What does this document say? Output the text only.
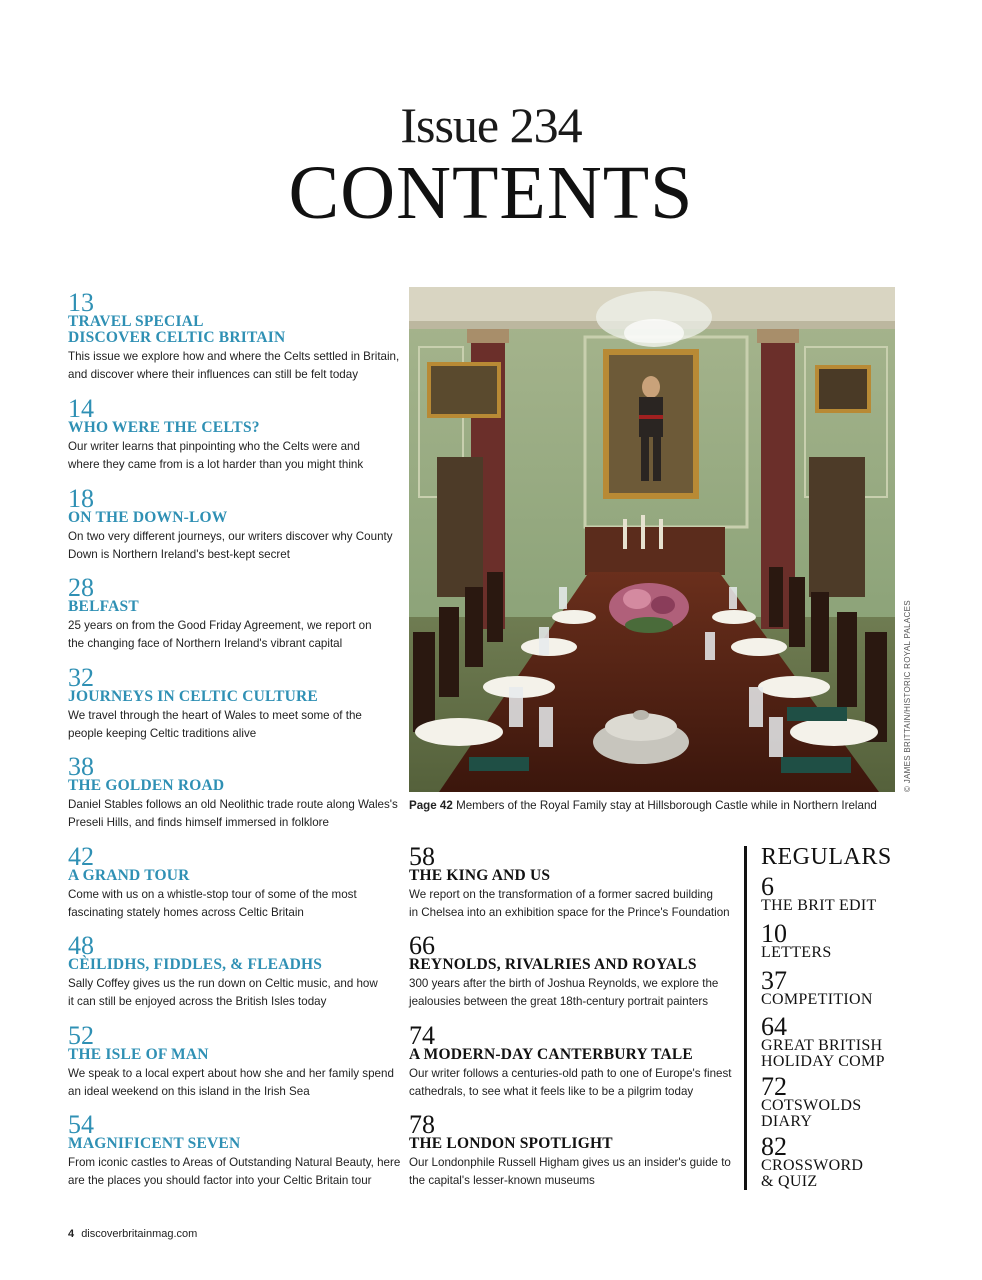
Issue 234
CONTENTS
13
TRAVEL SPECIAL
DISCOVER CELTIC BRITAIN
This issue we explore how and where the Celts settled in Britain,
and discover where their influences can still be felt today
14
WHO WERE THE CELTS?
Our writer learns that pinpointing who the Celts were and
where they came from is a lot harder than you might think
18
ON THE DOWN-LOW
On two very different journeys, our writers discover why County
Down is Northern Ireland's best-kept secret
28
BELFAST
25 years on from the Good Friday Agreement, we report on
the changing face of Northern Ireland's vibrant capital
32
JOURNEYS IN CELTIC CULTURE
We travel through the heart of Wales to meet some of the
people keeping Celtic traditions alive
38
THE GOLDEN ROAD
Daniel Stables follows an old Neolithic trade route along Wales's
Preseli Hills, and finds himself immersed in folklore
42
A GRAND TOUR
Come with us on a whistle-stop tour of some of the most
fascinating stately homes across Celtic Britain
48
CÈILIDHS, FIDDLES, & FLEADHS
Sally Coffey gives us the run down on Celtic music, and how
it can still be enjoyed across the British Isles today
52
THE ISLE OF MAN
We speak to a local expert about how she and her family spend
an ideal weekend on this island in the Irish Sea
54
MAGNIFICENT SEVEN
From iconic castles to Areas of Outstanding Natural Beauty, here
are the places you should factor into your Celtic Britain tour
Page 42 Members of the Royal Family stay at Hillsborough Castle while in Northern Ireland
© JAMES BRITTAIN/HISTORIC ROYAL PALACES
58
THE KING AND US
We report on the transformation of a former sacred building
in Chelsea into an exhibition space for the Prince's Foundation
66
REYNOLDS, RIVALRIES AND ROYALS
300 years after the birth of Joshua Reynolds, we explore the
jealousies between the great 18th-century portrait painters
74
A MODERN-DAY CANTERBURY TALE
Our writer follows a centuries-old path to one of Europe's finest
cathedrals, to see what it feels like to be a pilgrim today
78
THE LONDON SPOTLIGHT
Our Londonphile Russell Higham gives us an insider's guide to
the capital's lesser-known museums
REGULARS
6
THE BRIT EDIT
10
LETTERS
37
COMPETITION
64
GREAT BRITISH
HOLIDAY COMP
72
COTSWOLDS
DIARY
82
CROSSWORD
& QUIZ
4 discoverbritainmag.com
